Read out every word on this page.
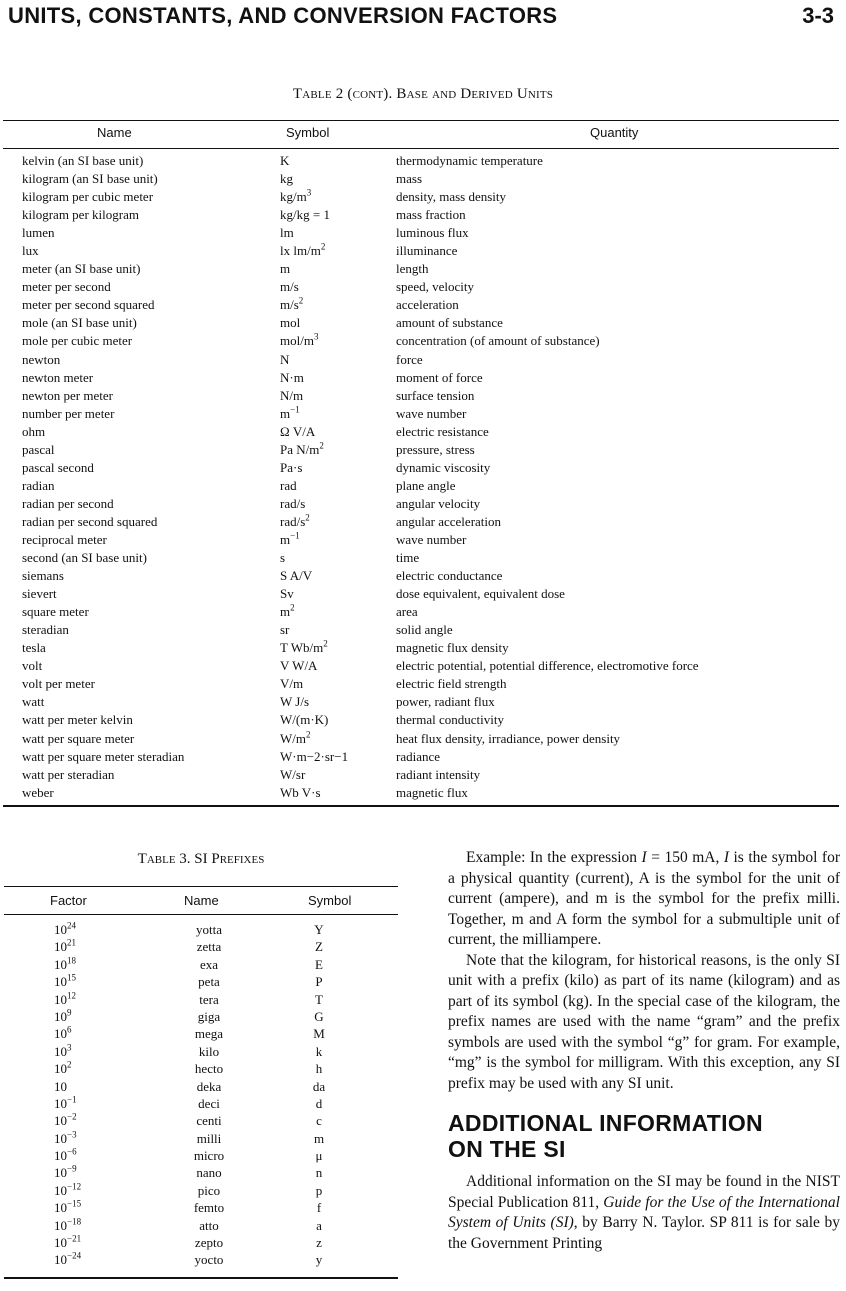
UNITS, CONSTANTS, AND CONVERSION FACTORS	3-3
Table 2 (cont). Base and Derived Units
Name	Symbol	Quantity
kelvin (an SI base unit)	K	thermodynamic temperature
kilogram (an SI base unit)	kg	mass
kilogram per cubic meter	$kg/m^3$	density, mass density
kilogram per kilogram	kg/kg = 1	mass fraction
lumen	lm	luminous flux
lux	lx $lm/m^2$	illuminance
meter (an SI base unit)	m	length
meter per second	m/s	speed, velocity
meter per second squared	$m/s^2$	acceleration
mole (an SI base unit)	mol	amount of substance
mole per cubic meter	mol/$m^3$	concentration (of amount of substance)
newton	N	force
newton meter	N·m	moment of force
newton per meter	N/m	surface tension
number per meter	$m^{-1}$	wave number
ohm	Ω V/A	electric resistance
pascal	Pa $N/m^2$	pressure, stress
pascal second	Pa·s	dynamic viscosity
radian	rad	plane angle
radian per second	rad/s	angular velocity
radian per second squared	rad/$s^2$	angular acceleration
reciprocal meter	$m^{-1}$	wave number
second (an SI base unit)	s	time
siemans	S A/V	electric conductance
sievert	Sv	dose equivalent, equivalent dose
square meter	$m^2$	area
steradian	sr	solid angle
tesla	T $Wb/m^2$	magnetic flux density
volt	V W/A	electric potential, potential difference, electromotive force
volt per meter	V/m	electric field strength
watt	W J/s	power, radiant flux
watt per meter kelvin	W/(m·K)	thermal conductivity
watt per square meter	$W/m^2$	heat flux density, irradiance, power density
watt per square meter steradian	W·m−2·sr−1	radiance
watt per steradian	W/sr	radiant intensity
weber	Wb V·s	magnetic flux
Table 3. SI Prefixes
Factor	Name	Symbol
$10^{24}$	yotta	Y
$10^{21}$	zetta	Z
$10^{18}$	exa	E
$10^{15}$	peta	P
$10^{12}$	tera	T
$10^9$	giga	G
$10^6$	mega	M
$10^3$	kilo	k
$10^2$	hecto	h
10	deka	da
$10^{-1}$	deci	d
$10^{-2}$	centi	c
$10^{-3}$	milli	m
$10^{-6}$	micro	μ
$10^{-9}$	nano	n
$10^{-12}$	pico	p
$10^{-15}$	femto	f
$10^{-18}$	atto	a
$10^{-21}$	zepto	z
$10^{-24}$	yocto	y

Example: In the expression I = 150 mA, I is the symbol for a physical quantity (current), A is the symbol for the unit of current (ampere), and m is the symbol for the prefix milli. Together, m and A form the symbol for a submultiple unit of current, the milliampere.

Note that the kilogram, for historical reasons, is the only SI unit with a prefix (kilo) as part of its name (kilogram) and as part of its symbol (kg). In the special case of the kilogram, the prefix names are used with the name “gram” and the prefix symbols are used with the symbol “g” for gram. For example, “mg” is the symbol for milligram. With this exception, any SI prefix may be used with any SI unit.

ADDITIONAL INFORMATION
ON THE SI

Additional information on the SI may be found in the NIST Special Publication 811, Guide for the Use of the International System of Units (SI), by Barry N. Taylor. SP 811 is for sale by the Government Printing
